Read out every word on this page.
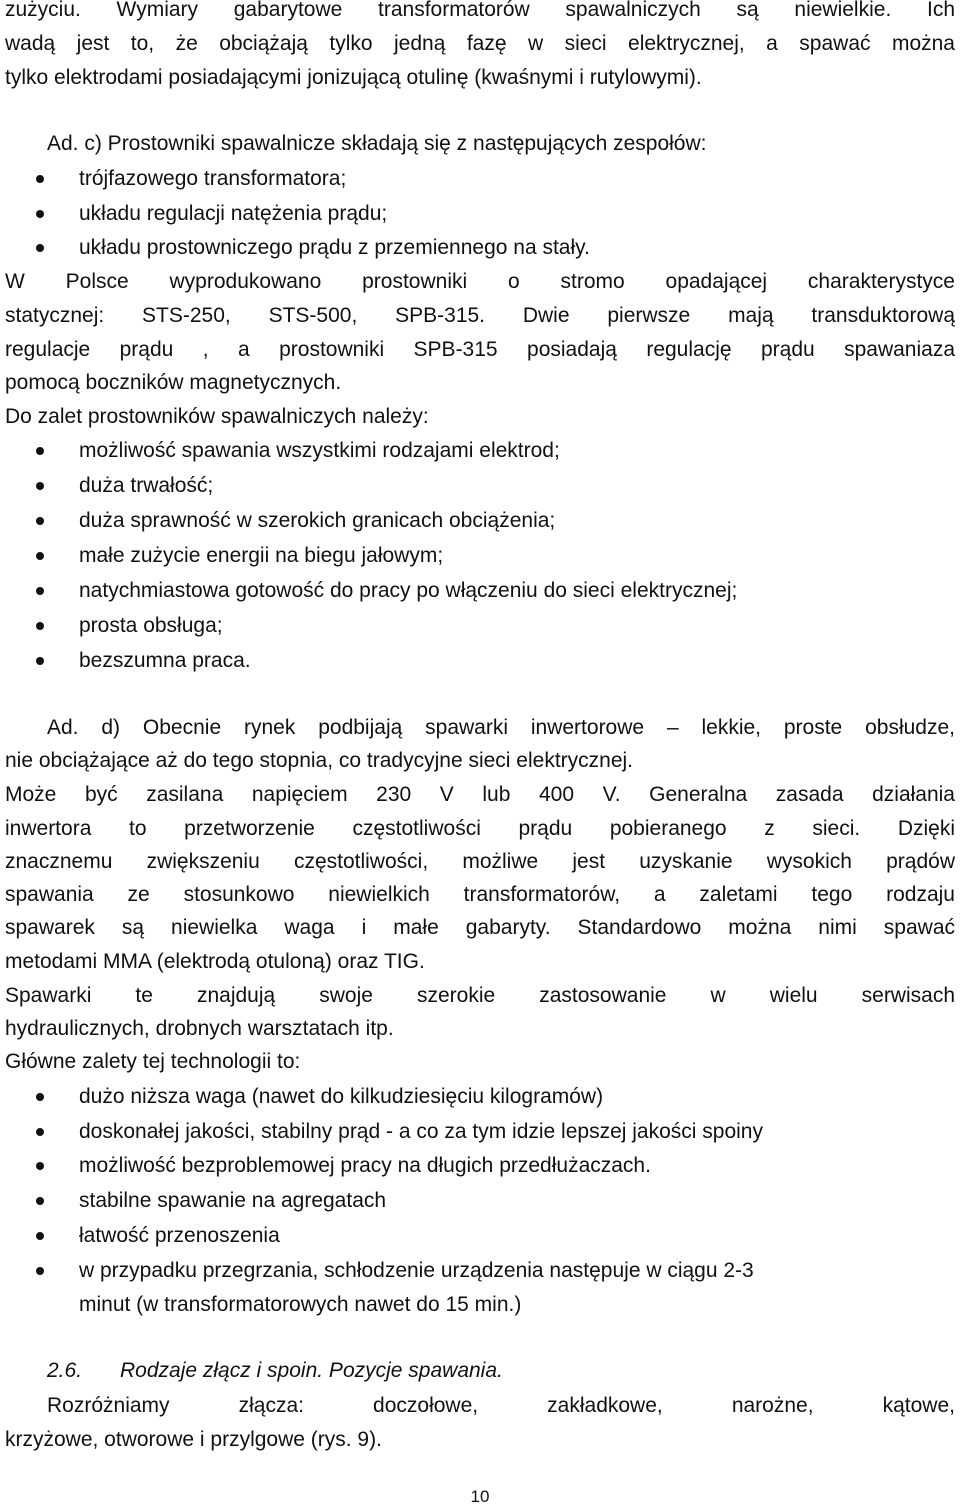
zużyciu. Wymiary gabarytowe transformatorów spawalniczych są niewielkie. Ich
wadą jest to, że obciążają tylko jedną fazę w sieci elektrycznej, a spawać można
tylko elektrodami posiadającymi jonizującą otulinę (kwaśnymi i rutylowymi).
Ad. c) Prostowniki spawalnicze składają się z następujących zespołów:
trójfazowego transformatora;
układu regulacji natężenia prądu;
układu prostowniczego prądu z przemiennego na stały.
W Polsce wyprodukowano prostowniki o stromo opadającej charakterystyce
statycznej: STS-250, STS-500, SPB-315. Dwie pierwsze mają transduktorową
regulacje prądu , a prostowniki SPB-315 posiadają regulację prądu spawaniaza
pomocą boczników magnetycznych.
Do zalet prostowników spawalniczych należy:
możliwość spawania wszystkimi rodzajami elektrod;
duża trwałość;
duża sprawność w szerokich granicach obciążenia;
małe zużycie energii na biegu jałowym;
natychmiastowa gotowość do pracy po włączeniu do sieci elektrycznej;
prosta obsługa;
bezszumna praca.
Ad. d) Obecnie rynek podbijają spawarki inwertorowe – lekkie, proste obsłudze,
nie obciążające aż do tego stopnia, co tradycyjne sieci elektrycznej.
Może być zasilana napięciem 230 V lub 400 V. Generalna zasada działania
inwertora to przetworzenie częstotliwości prądu pobieranego z sieci. Dzięki
znacznemu zwiększeniu częstotliwości, możliwe jest uzyskanie wysokich prądów
spawania ze stosunkowo niewielkich transformatorów, a zaletami tego rodzaju
spawarek są niewielka waga i małe gabaryty. Standardowo można nimi spawać
metodami MMA (elektrodą otuloną) oraz TIG.
Spawarki te znajdują swoje szerokie zastosowanie w wielu serwisach
hydraulicznych, drobnych warsztatach itp.
Główne zalety tej technologii to:
dużo niższa waga (nawet do kilkudziesięciu kilogramów)
doskonałej jakości, stabilny prąd - a co za tym idzie lepszej jakości spoiny
możliwość bezproblemowej pracy na długich przedłużaczach.
stabilne spawanie na agregatach
łatwość przenoszenia
w przypadku przegrzania, schłodzenie urządzenia następuje w ciągu 2-3
minut (w transformatorowych nawet do 15 min.)
2.6. Rodzaje złącz i spoin. Pozycje spawania.
Rozróżniamy złącza: doczołowe, zakładkowe, narożne, kątowe,
krzyżowe, otworowe i przylgowe (rys. 9).
10
